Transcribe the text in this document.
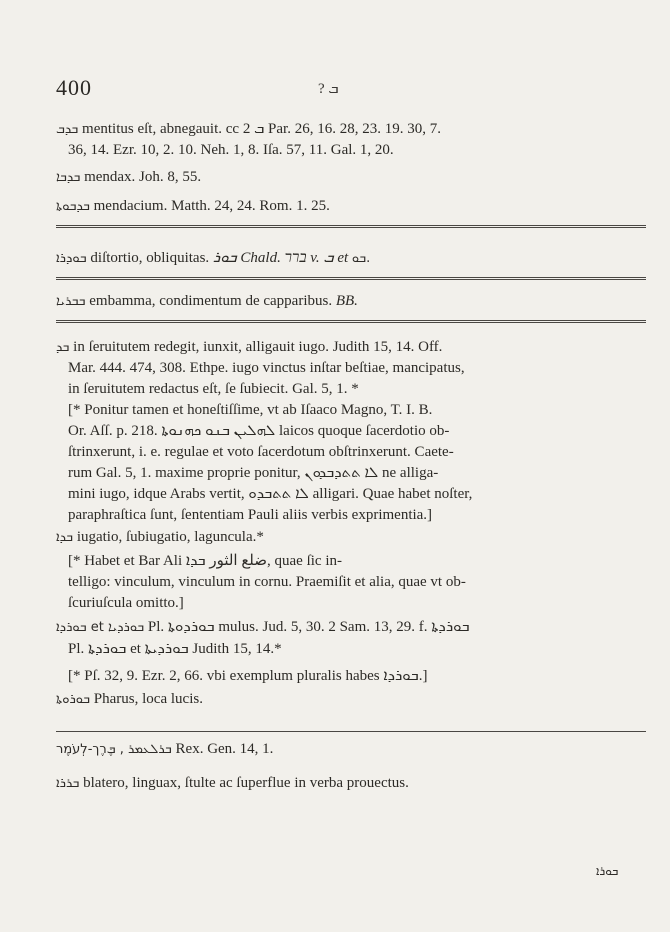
400	? ܒ
ܒܕܒ mentitus eſt, abnegauit. cc ܒ 2 Par. 26, 16. 28, 23. 19. 30, 7.
36, 14. Ezr. 10, 2. 10. Neh. 1, 8. Iſa. 57, 11. Gal. 1, 20.
ܒܕܒܐ mendax. Joh. 8, 55.
ܒܕܒܘܬܐ mendacium. Matth. 24, 24. Rom. 1. 25.
ܒܘܕܪܐ diſtortio, obliquitas. ܒܘܪ Chald. ברר v. ܒ et ܒܘ.
ܒܒܪܝܐ embamma, condimentum de capparibus. BB.
ܒܕ in ſeruitutem redegit, iunxit, alligauit iugo. Judith 15, 14. Off.
Mar. 444. 474, 308. Ethpe. iugo vinctus inſtar beſtiae, mancipatus,
in ſeruitutem redactus eſt, ſe ſubiecit. Gal. 5, 1. *
[* Ponitur tamen et honeſtiſſime, vt ab Iſaaco Magno, T. I. B.
Or. Aſſ. p. 218. ܠܗܠܝܢ ܒܢܘ ܟܗܢܘܬܐ laicos quoque ſacerdotio ob-
ſtrinxerunt, i. e. regulae et voto ſacerdotum obſtrinxerunt. Caete-
rum Gal. 5, 1. maxime proprie ponitur, ܠܐ ܬܬܕܒܕܘܢ ne alliga-
mini iugo, idque Arabs vertit, ܠܐ ܬܬܒܕܘ alligari. Quae habet noſter,
paraphraſtica ſunt, ſententiam Pauli aliis verbis exprimentia.]
ܒܕܐ iugatio, ſubiugatio, lagunculа.*
[* Habet et Bar Ali ضلع الثور ܒܕܐ, quae ſic in-
telligo: vinculum, vinculum in cornu. Praemiſit et alia, quae vt ob-
ſcuriuſcula omitto.]
ܒܘܪܕܐ et ܒܘܪܕܝܐ Pl. ܒܘܪܕܘܬܐ mulus. Jud. 5, 30. 2 Sam. 13, 29. f. ܒܘܪܕܬܐ
Pl. ܒܘܪܕܬܐ et ܒܘܪܕܝܬܐ Judith 15, 14.*
[* Pſ. 32, 9. Ezr. 2, 66. vbi exemplum pluralis habes ܒܘܪܕܐ.]
ܒܘܪܘܬܐ Pharus, loca lucis.
ܒܪܠܥܡܪ , ܒֶּרֶך-לְעֹמֶר Rex. Gen. 14, 1.
ܒܪܪܐ blatero, linguax, ſtulte ac ſuperflue in verba prouectus.
ܒܘܪܐ
